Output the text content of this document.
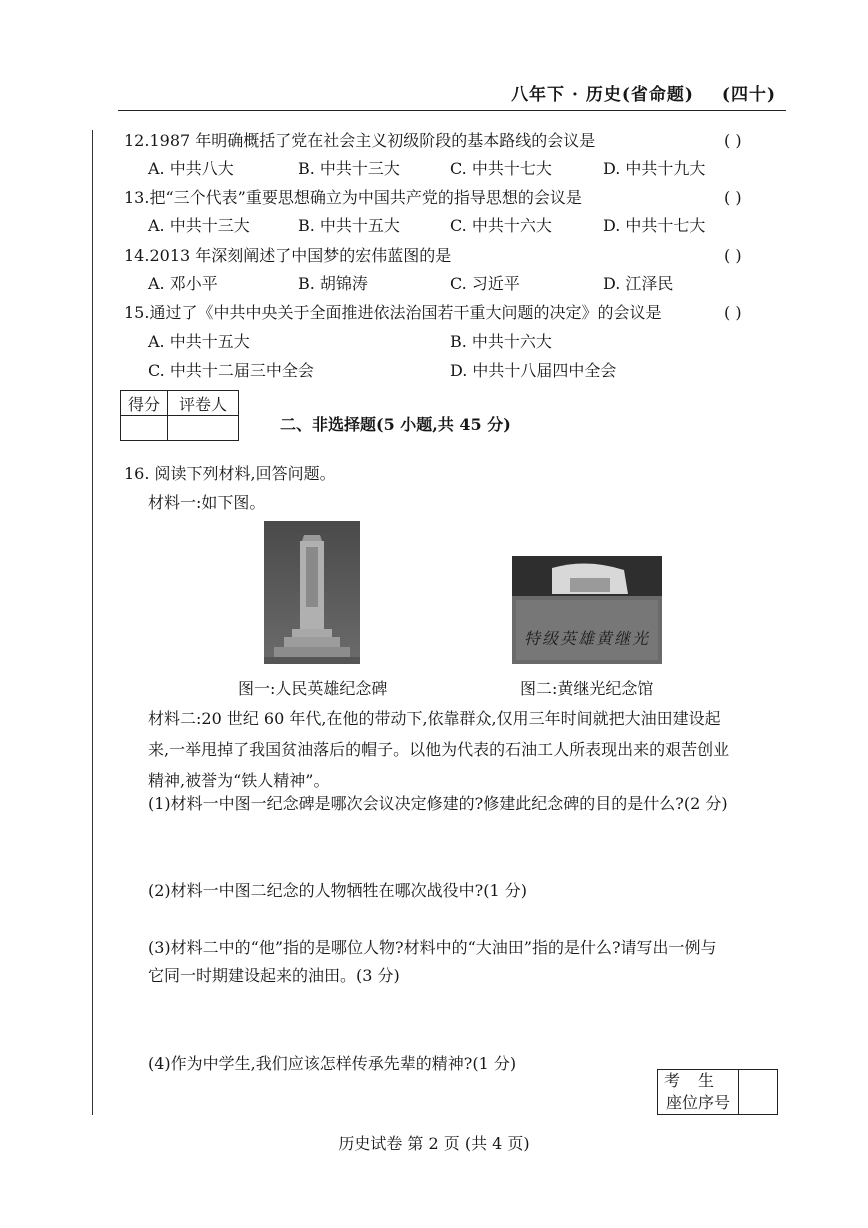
八年下 · 历史(省命题) (四十)
12.1987 年明确概括了党在社会主义初级阶段的基本路线的会议是	( )
A. 中共八大	B. 中共十三大	C. 中共十七大	D. 中共十九大
13.把“三个代表”重要思想确立为中国共产党的指导思想的会议是	( )
A. 中共十三大	B. 中共十五大	C. 中共十六大	D. 中共十七大
14.2013 年深刻阐述了中国梦的宏伟蓝图的是	( )
A. 邓小平	B. 胡锦涛	C. 习近平	D. 江泽民
15.通过了《中共中央关于全面推进依法治国若干重大问题的决定》的会议是	( )
A. 中共十五大	B. 中共十六大
C. 中共十二届三中全会	D. 中共十八届四中全会
得分	评卷人

二、非选择题(5 小题,共 45 分)
16. 阅读下列材料,回答问题。
材料一:如下图。
图一:人民英雄纪念碑
特级英雄黄继光
图二:黄继光纪念馆
材料二:20 世纪 60 年代,在他的带动下,依靠群众,仅用三年时间就把大油田建设起
来,一举甩掉了我国贫油落后的帽子。以他为代表的石油工人所表现出来的艰苦创业
精神,被誉为“铁人精神”。
(1)材料一中图一纪念碑是哪次会议决定修建的?修建此纪念碑的目的是什么?(2 分)
(2)材料一中图二纪念的人物牺牲在哪次战役中?(1 分)
(3)材料二中的“他”指的是哪位人物?材料中的“大油田”指的是什么?请写出一例与
它同一时期建设起来的油田。(3 分)
(4)作为中学生,我们应该怎样传承先辈的精神?(1 分)
考生
座位序号

历史试卷 第 2 页 (共 4 页)
